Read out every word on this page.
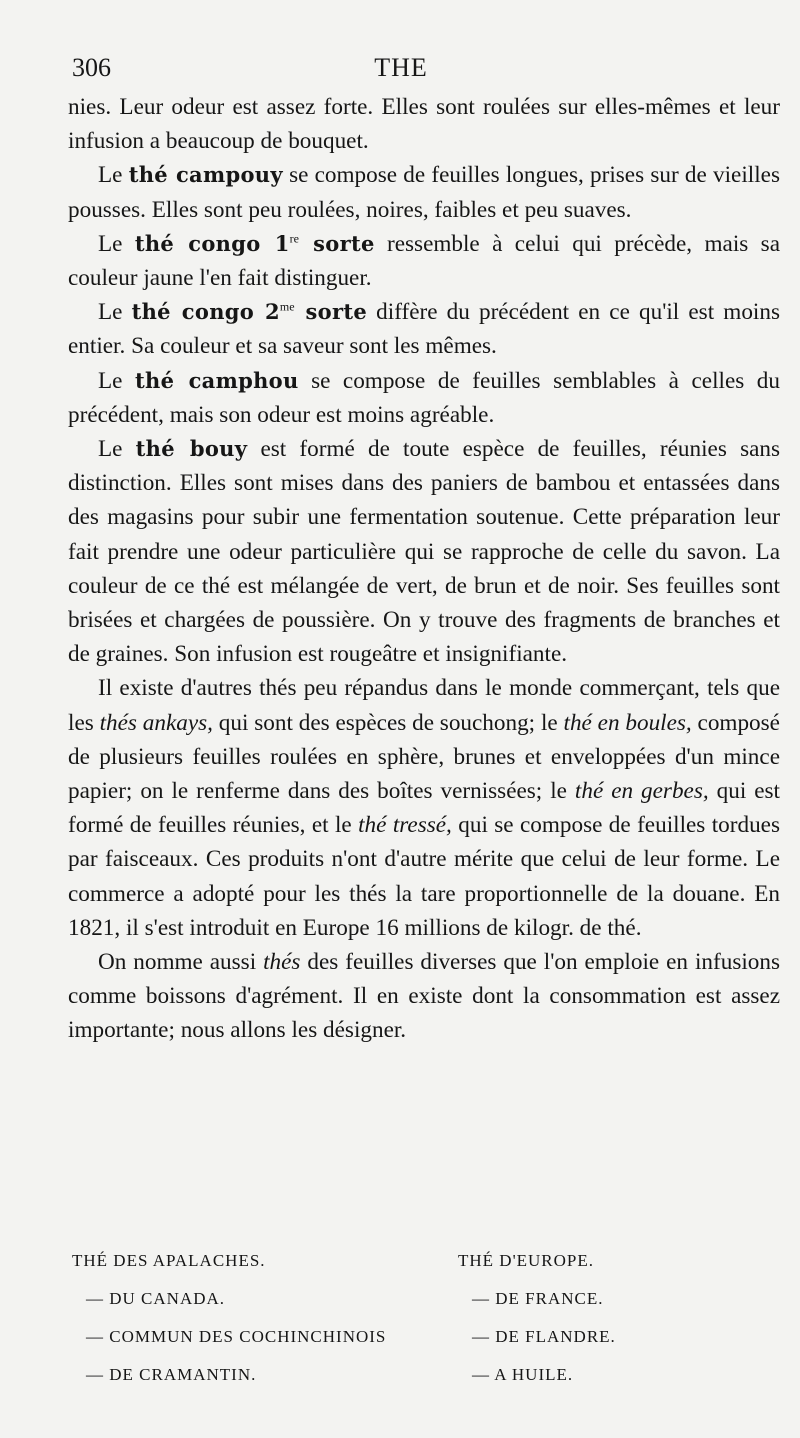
306	THE

nies. Leur odeur est assez forte. Elles sont roulées sur elles-mêmes et leur infusion a beaucoup de bouquet.

Le thé campouy se compose de feuilles longues, prises sur de vieilles pousses. Elles sont peu roulées, noires, faibles et peu suaves.

Le thé congo 1re sorte ressemble à celui qui précède, mais sa couleur jaune l'en fait distinguer.

Le thé congo $2^{me}$ sorte diffère du précédent en ce qu'il est moins entier. Sa couleur et sa saveur sont les mêmes.

Le thé camphou se compose de feuilles semblables à celles du précédent, mais son odeur est moins agréable.

Le thé bouy est formé de toute espèce de feuilles, réunies sans distinction. Elles sont mises dans des paniers de bambou et entassées dans des magasins pour subir une fermentation soutenue. Cette préparation leur fait prendre une odeur particulière qui se rapproche de celle du savon. La couleur de ce thé est mélangée de vert, de brun et de noir. Ses feuilles sont brisées et chargées de poussière. On y trouve des fragments de branches et de graines. Son infusion est rougeâtre et insignifiante.

Il existe d'autres thés peu répandus dans le monde commerçant, tels que les thés ankays, qui sont des espèces de souchong; le thé en boules, composé de plusieurs feuilles roulées en sphère, brunes et enveloppées d'un mince papier; on le renferme dans des boîtes vernissées; le thé en gerbes, qui est formé de feuilles réunies, et le thé tressé, qui se compose de feuilles tordues par faisceaux. Ces produits n'ont d'autre mérite que celui de leur forme. Le commerce a adopté pour les thés la tare proportionnelle de la douane. En 1821, il s'est introduit en Europe 16 millions de kilogr. de thé.

On nomme aussi thés des feuilles diverses que l'on emploie en infusions comme boissons d'agrément. Il en existe dont la consommation est assez importante; nous allons les désigner.

THÉ DES APALACHES.
— DU CANADA.
— COMMUN DES COCHINCHINOIS
— DE CRAMANTIN.
THÉ D'EUROPE.
— DE FRANCE.
— DE FLANDRE.
— A HUILE.
